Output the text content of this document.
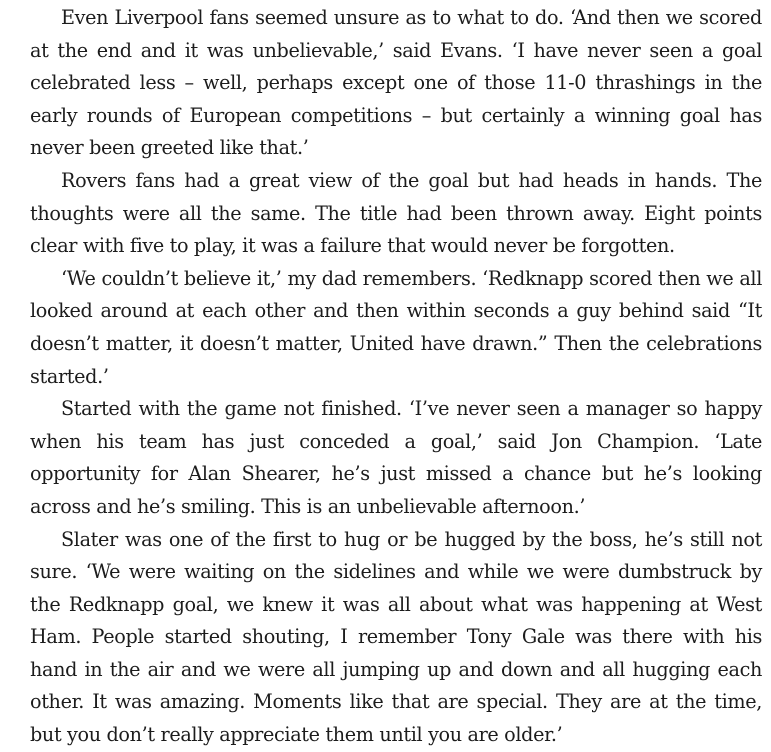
Even Liverpool fans seemed unsure as to what to do. ‘And then we scored at the end and it was unbelievable,’ said Evans. ‘I have never seen a goal celebrated less – well, perhaps except one of those 11-0 thrashings in the early rounds of European competitions – but certainly a winning goal has never been greeted like that.’

Rovers fans had a great view of the goal but had heads in hands. The thoughts were all the same. The title had been thrown away. Eight points clear with five to play, it was a failure that would never be forgotten.

‘We couldn’t believe it,’ my dad remembers. ‘Redknapp scored then we all looked around at each other and then within seconds a guy behind said “It doesn’t matter, it doesn’t matter, United have drawn.” Then the celebrations started.’

Started with the game not finished. ‘I’ve never seen a manager so happy when his team has just conceded a goal,’ said Jon Champion. ‘Late opportunity for Alan Shearer, he’s just missed a chance but he’s looking across and he’s smiling. This is an unbelievable afternoon.’

Slater was one of the first to hug or be hugged by the boss, he’s still not sure. ‘We were waiting on the sidelines and while we were dumbstruck by the Redknapp goal, we knew it was all about what was happening at West Ham. People started shouting, I remember Tony Gale was there with his hand in the air and we were all jumping up and down and all hugging each other. It was amazing. Moments like that are special. They are at the time, but you don’t really appreciate them until you are older.’
